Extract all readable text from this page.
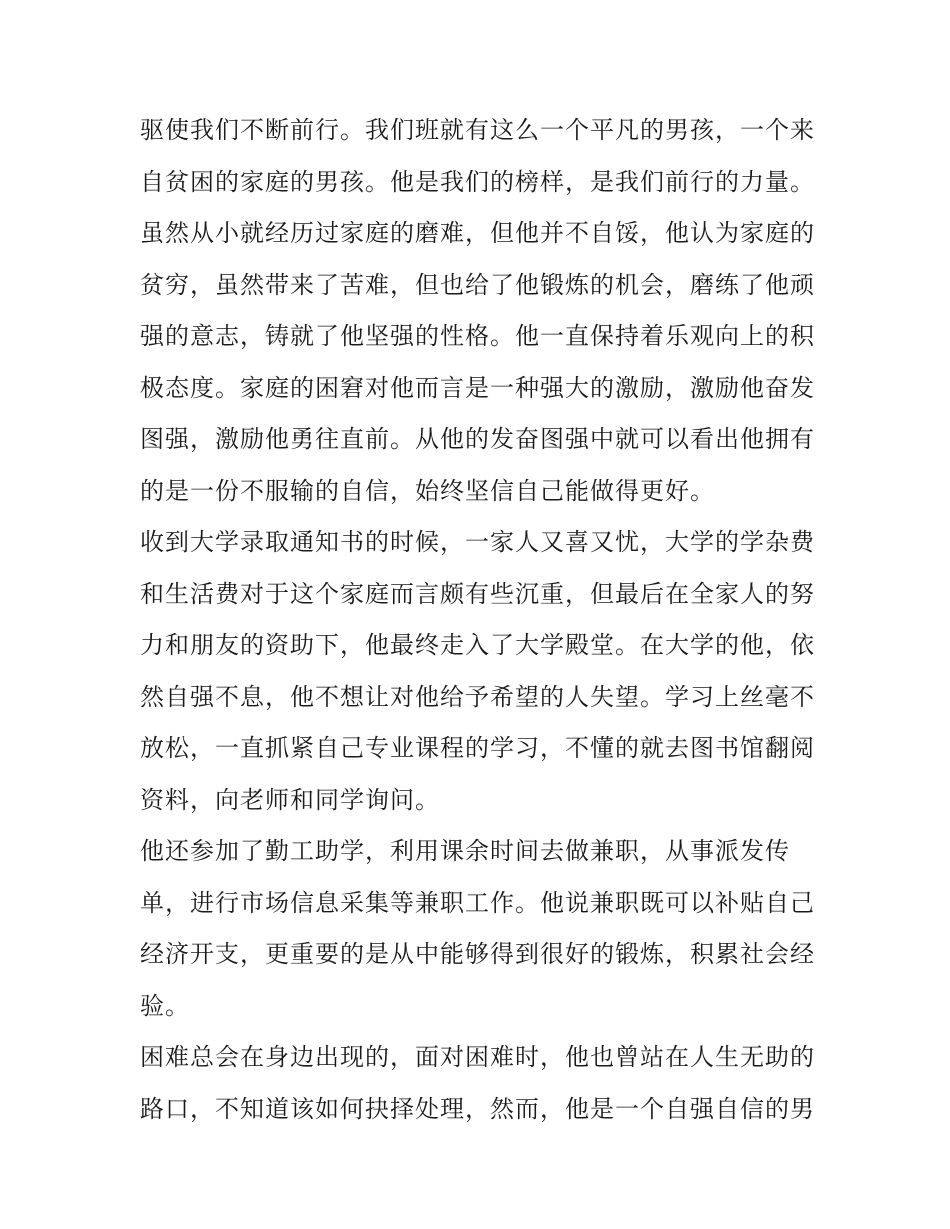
驱使我们不断前行。我们班就有这么一个平凡的男孩，一个来
自贫困的家庭的男孩。他是我们的榜样，是我们前行的力量。
虽然从小就经历过家庭的磨难，但他并不自馁，他认为家庭的
贫穷，虽然带来了苦难，但也给了他锻炼的机会，磨练了他顽
强的意志，铸就了他坚强的性格。他一直保持着乐观向上的积
极态度。家庭的困窘对他而言是一种强大的激励，激励他奋发
图强，激励他勇往直前。从他的发奋图强中就可以看出他拥有
的是一份不服输的自信，始终坚信自己能做得更好。
收到大学录取通知书的时候，一家人又喜又忧，大学的学杂费
和生活费对于这个家庭而言颇有些沉重，但最后在全家人的努
力和朋友的资助下，他最终走入了大学殿堂。在大学的他，依
然自强不息，他不想让对他给予希望的人失望。学习上丝毫不
放松，一直抓紧自己专业课程的学习，不懂的就去图书馆翻阅
资料，向老师和同学询问。
他还参加了勤工助学，利用课余时间去做兼职，从事派发传
单，进行市场信息采集等兼职工作。他说兼职既可以补贴自己
经济开支，更重要的是从中能够得到很好的锻炼，积累社会经
验。
困难总会在身边出现的，面对困难时，他也曾站在人生无助的
路口，不知道该如何抉择处理，然而，他是一个自强自信的男
